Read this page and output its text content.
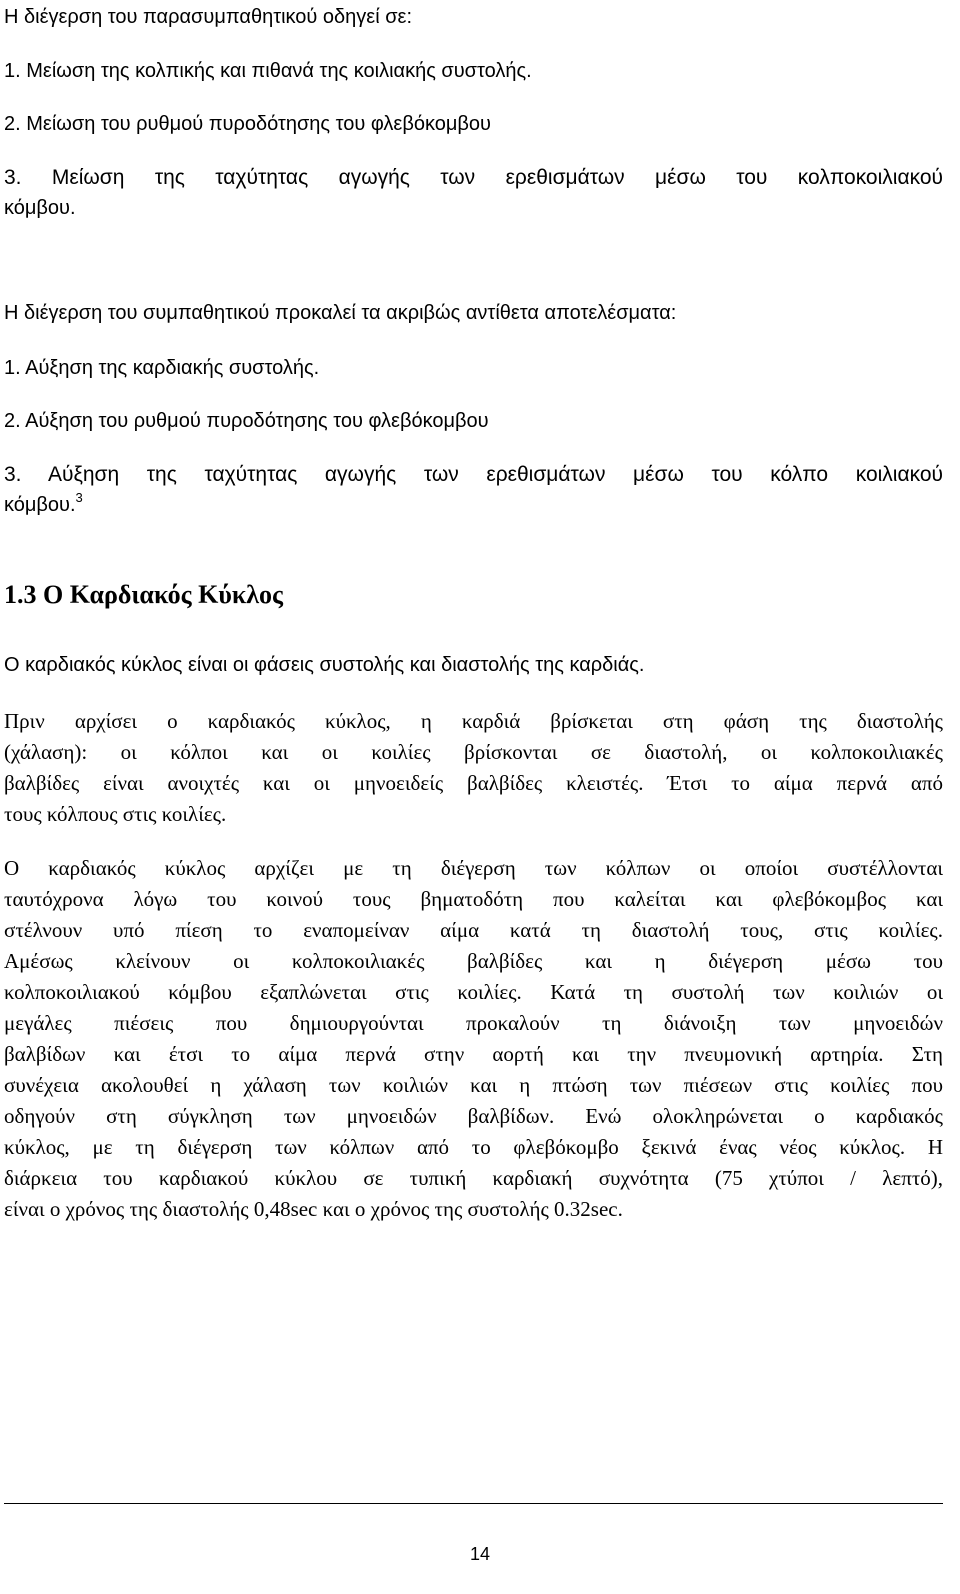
Η διέγερση του παρασυμπαθητικού οδηγεί σε:
1. Μείωση της κολπικής και πιθανά της κοιλιακής συστολής.
2. Μείωση του ρυθμού πυροδότησης του φλεβόκομβου
3. Μείωση της ταχύτητας αγωγής των ερεθισμάτων μέσω του κολποκοιλιακού
κόμβου.
Η διέγερση του συμπαθητικού προκαλεί τα ακριβώς αντίθετα αποτελέσματα:
1. Αύξηση της καρδιακής συστολής.
2. Αύξηση του ρυθμού πυροδότησης του φλεβόκομβου
3. Αύξηση της ταχύτητας αγωγής των ερεθισμάτων μέσω του κόλπο κοιλιακού
κόμβου.$^3$
1.3 Ο Καρδιακός Κύκλος
Ο καρδιακός κύκλος είναι οι φάσεις συστολής και διαστολής της καρδιάς.
Πριν αρχίσει ο καρδιακός κύκλος, η καρδιά βρίσκεται στη φάση της διαστολής
(χάλαση): οι κόλποι και οι κοιλίες βρίσκονται σε διαστολή, οι κολποκοιλιακές
βαλβίδες είναι ανοιχτές και οι μηνοειδείς βαλβίδες κλειστές. Έτσι το αίμα περνά από
τους κόλπους στις κοιλίες.
Ο καρδιακός κύκλος αρχίζει με τη διέγερση των κόλπων οι οποίοι συστέλλονται
ταυτόχρονα λόγω του κοινού τους βηματοδότη που καλείται και φλεβόκομβος και
στέλνουν υπό πίεση το εναπομείναν αίμα κατά τη διαστολή τους, στις κοιλίες.
Αμέσως κλείνουν οι κολποκοιλιακές βαλβίδες και η διέγερση μέσω του
κολποκοιλιακού κόμβου εξαπλώνεται στις κοιλίες. Κατά τη συστολή των κοιλιών οι
μεγάλες πιέσεις που δημιουργούνται προκαλούν τη διάνοιξη των μηνοειδών
βαλβίδων και έτσι το αίμα περνά στην αορτή και την πνευμονική αρτηρία. Στη
συνέχεια ακολουθεί η χάλαση των κοιλιών και η πτώση των πιέσεων στις κοιλίες που
οδηγούν στη σύγκληση των μηνοειδών βαλβίδων. Ενώ ολοκληρώνεται ο καρδιακός
κύκλος, με τη διέγερση των κόλπων από το φλεβόκομβο ξεκινά ένας νέος κύκλος. Η
διάρκεια του καρδιακού κύκλου σε τυπική καρδιακή συχνότητα (75 χτύποι / λεπτό),
είναι ο χρόνος της διαστολής 0,48sec και ο χρόνος της συστολής 0.32sec.
14
